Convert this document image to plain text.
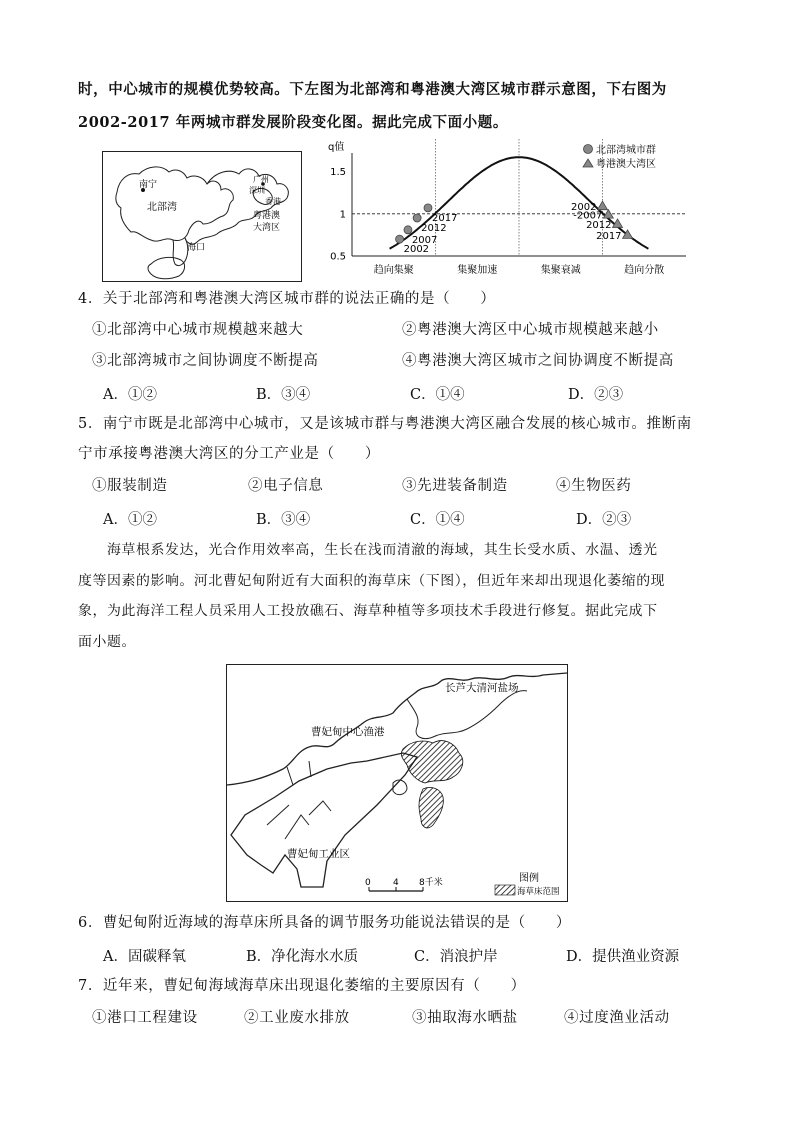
时，中心城市的规模优势较高。下左图为北部湾和粤港澳大湾区城市群示意图，下右图为
2002-2017 年两城市群发展阶段变化图。据此完成下面小题。
南宁
北部湾
海口
广州
深圳
香港
粤港澳
大湾区
q值
1.5
1
0.5
趋向集聚	集聚加速	集聚衰减	趋向分散
2002
2007
2012
2017
2002
-2007
2012
2017
北部湾城市群
粤港澳大湾区
4．关于北部湾和粤港澳大湾区城市群的说法正确的是（　　）
①北部湾中心城市规模越来越大	②粤港澳大湾区中心城市规模越来越小
③北部湾城市之间协调度不断提高	④粤港澳大湾区城市之间协调度不断提高
A．①②	B．③④	C．①④	D．②③
5．南宁市既是北部湾中心城市，又是该城市群与粤港澳大湾区融合发展的核心城市。推断南
宁市承接粤港澳大湾区的分工产业是（　　）
①服装制造	②电子信息	③先进装备制造	④生物医药
A．①②	B．③④	C．①④	D．②③
海草根系发达，光合作用效率高，生长在浅而清澈的海域，其生长受水质、水温、透光
度等因素的影响。河北曹妃甸附近有大面积的海草床（下图），但近年来却出现退化萎缩的现
象，为此海洋工程人员采用人工投放礁石、海草种植等多项技术手段进行修复。据此完成下
面小题。
长芦大清河盐场
曹妃甸中心渔港
曹妃甸工业区
0 4 8千米	图例
海草床范围
6．曹妃甸附近海域的海草床所具备的调节服务功能说法错误的是（　　）
A．固碳释氧	B．净化海水水质	C．消浪护岸	D．提供渔业资源
7．近年来，曹妃甸海域海草床出现退化萎缩的主要原因有（　　）
①港口工程建设	②工业废水排放	③抽取海水晒盐	④过度渔业活动
